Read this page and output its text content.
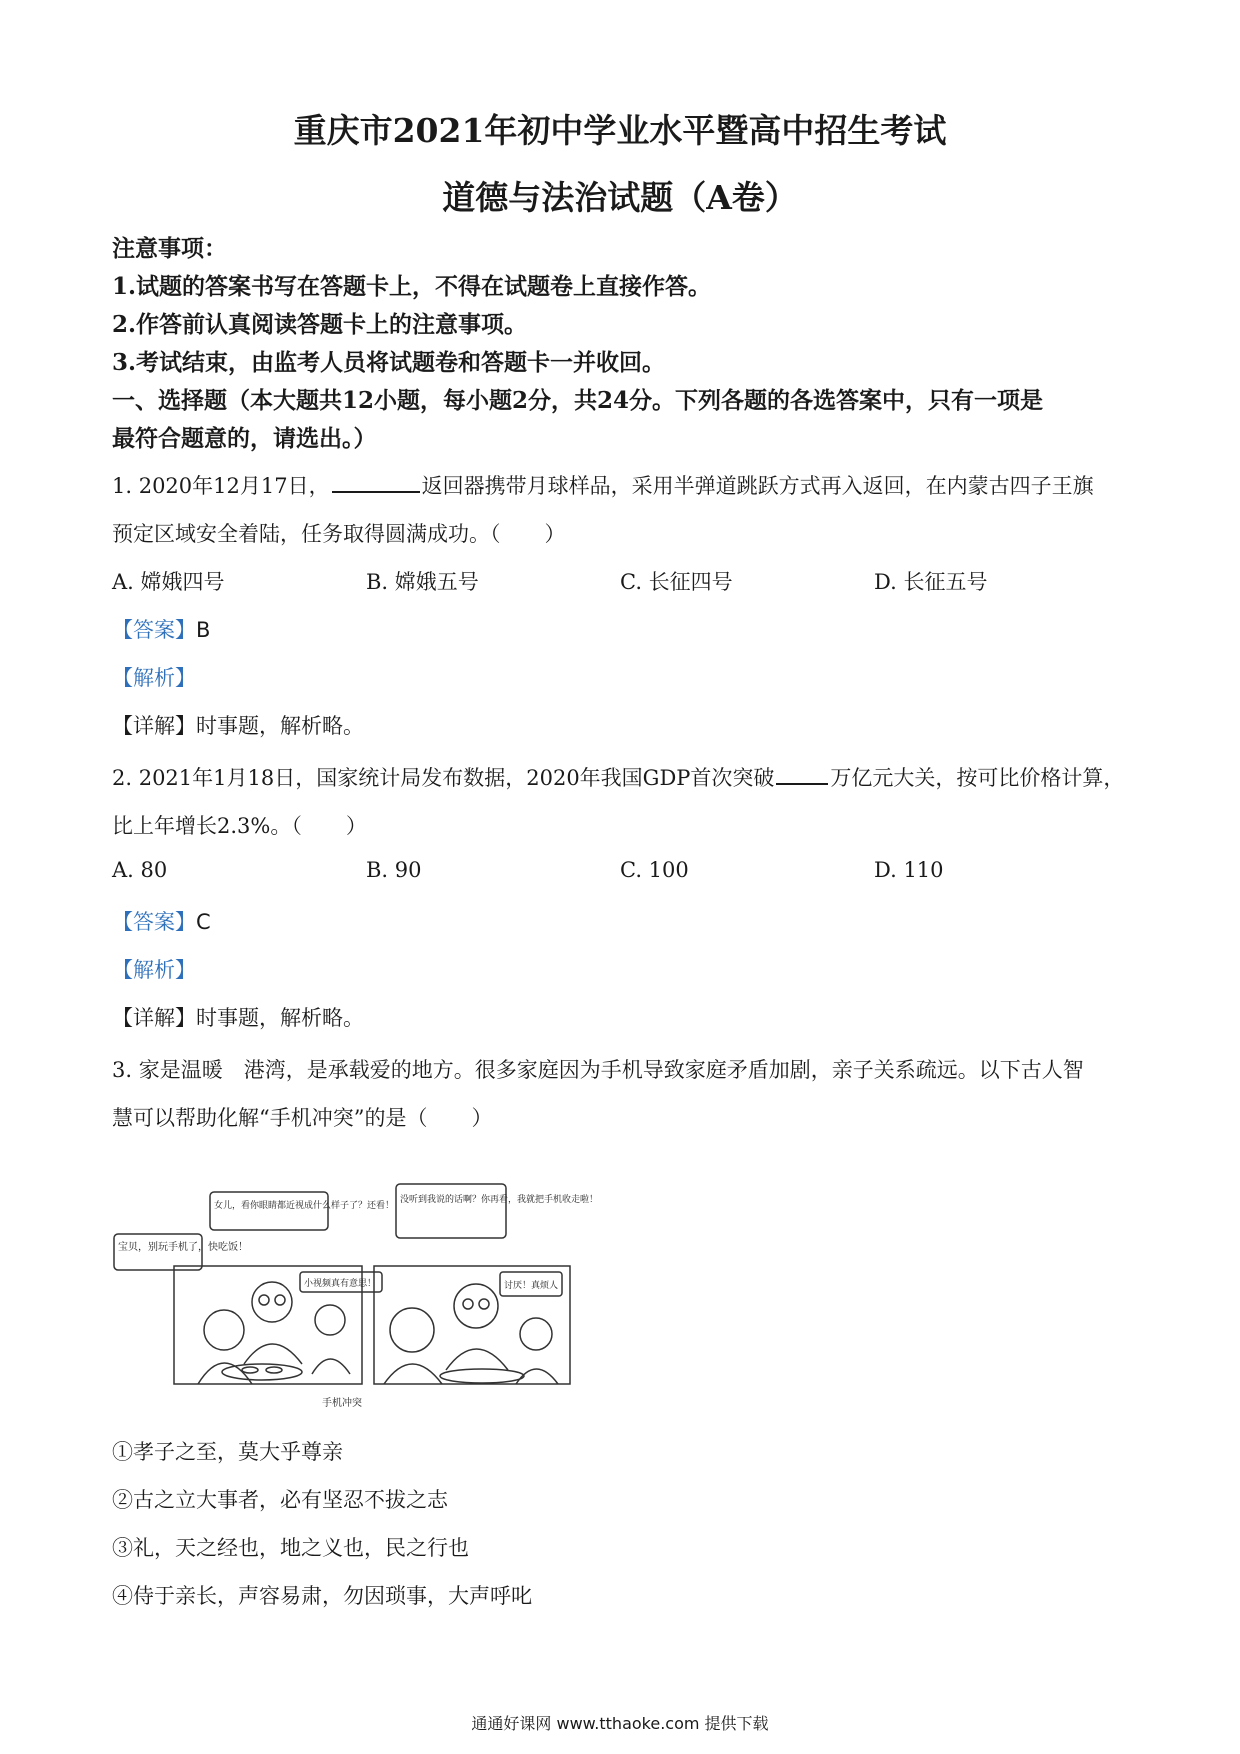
重庆市2021年初中学业水平暨高中招生考试
道德与法治试题（A卷）
注意事项：
1.试题的答案书写在答题卡上，不得在试题卷上直接作答。
2.作答前认真阅读答题卡上的注意事项。
3.考试结束，由监考人员将试题卷和答题卡一并收回。
一、选择题（本大题共12小题，每小题2分，共24分。下列各题的各选答案中，只有一项是
最符合题意的，请选出。）
1. 2020年12月17日，	返回器携带月球样品，采用半弹道跳跃方式再入返回，在内蒙古四子王旗
预定区域安全着陆，任务取得圆满成功。（ ）
A. 嫦娥四号	B. 嫦娥五号	C. 长征四号	D. 长征五号
【答案】B
【解析】
【详解】时事题，解析略。
2. 2021年1月18日，国家统计局发布数据，2020年我国GDP首次突破	万亿元大关，按可比价格计算，
比上年增长2.3%。（ ）
A. 80	B. 90	C. 100	D. 110
【答案】C
【解析】
【详解】时事题，解析略。
3. 家是温暖　港湾，是承载爱的地方。很多家庭因为手机导致家庭矛盾加剧，亲子关系疏远。以下古人智
慧可以帮助化解“手机冲突”的是（ ）
宝贝，别玩手机了，快吃饭！
女儿，看你眼睛都近视成什么样子了？还看！
小视频真有意思！
没听到我说的话啊？你再看，我就把手机收走啦！
讨厌！真烦人
手机冲突
①孝子之至，莫大乎尊亲
②古之立大事者，必有坚忍不拔之志
③礼，天之经也，地之义也，民之行也
④侍于亲长，声容易肃，勿因琐事，大声呼叱
通通好课网 www.tthaoke.com 提供下载
